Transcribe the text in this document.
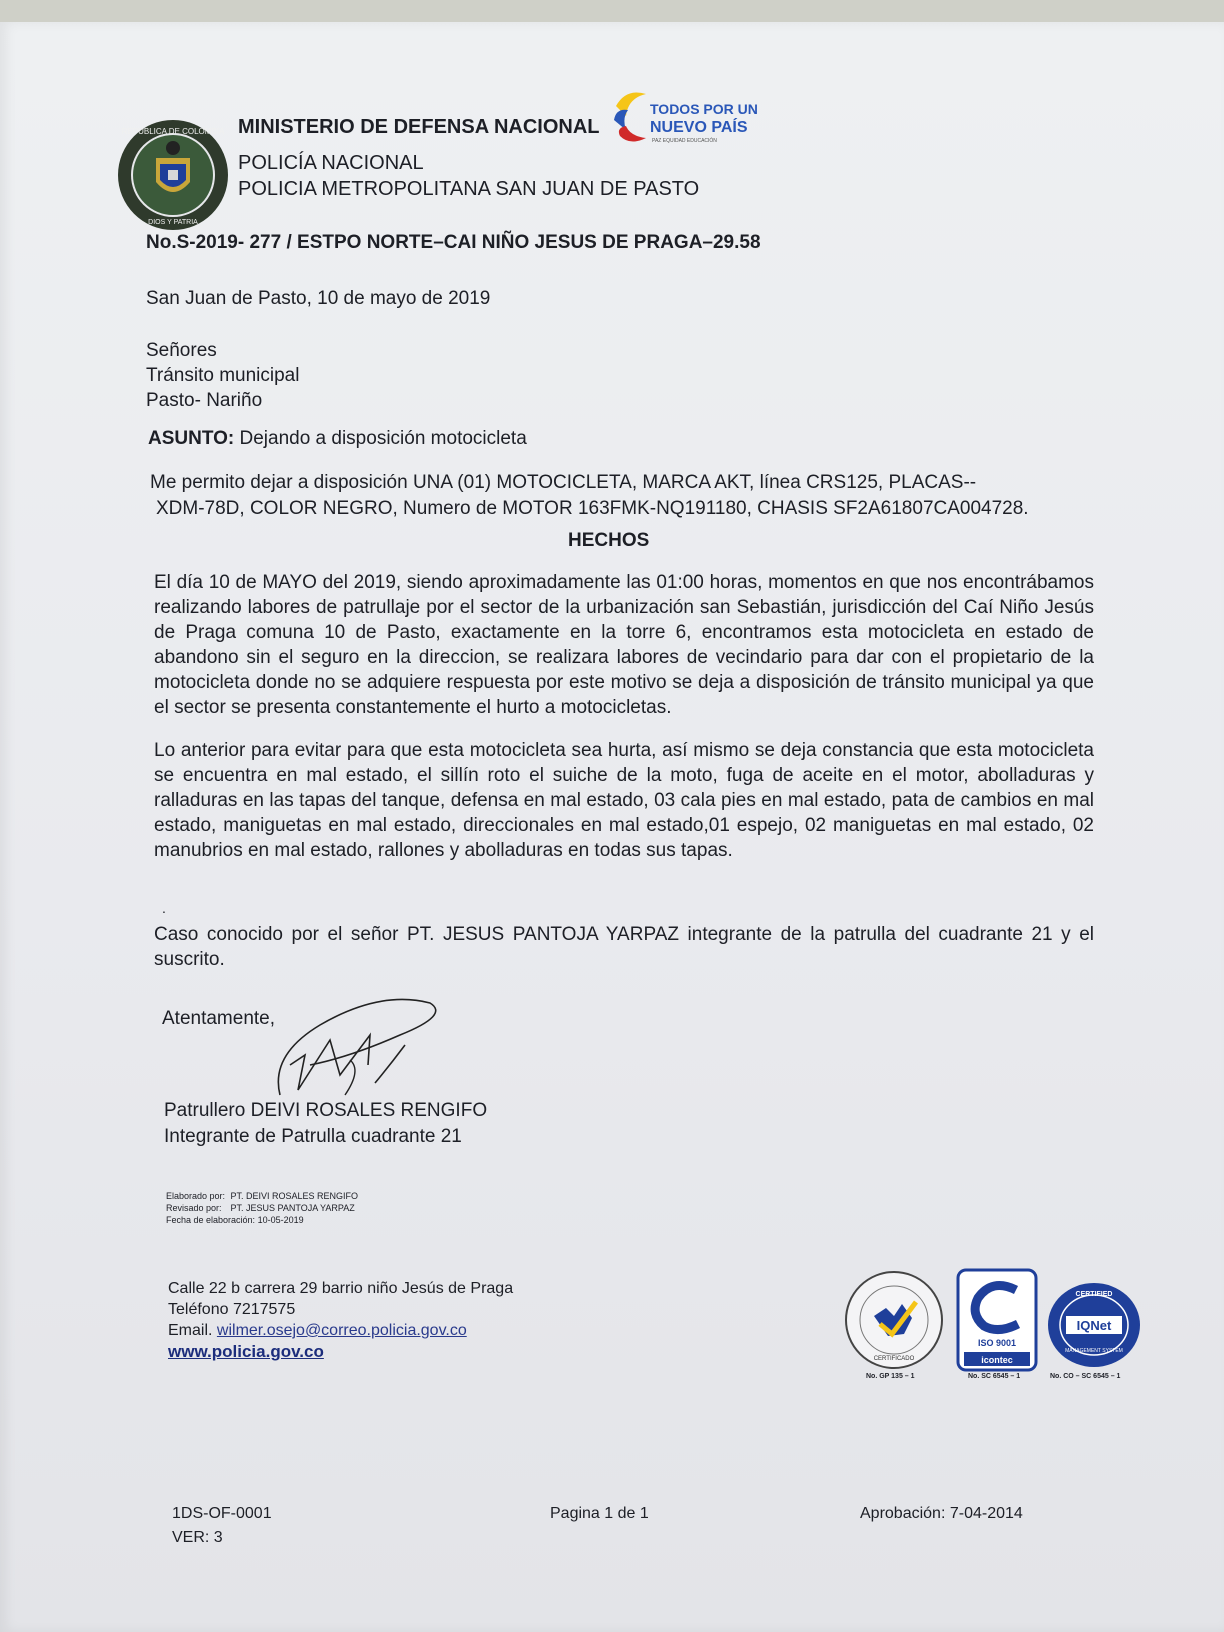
REPUBLICA DE COLOMBIA
DIOS Y PATRIA
TODOS POR UN
NUEVO PAÍS
PAZ EQUIDAD EDUCACIÓN
MINISTERIO DE DEFENSA NACIONAL
POLICÍA NACIONAL
POLICIA METROPOLITANA SAN JUAN DE PASTO
No.S-2019- 277 / ESTPO NORTE–CAI NIÑO JESUS DE PRAGA–29.58
San Juan de Pasto, 10 de mayo de 2019
Señores
Tránsito municipal
Pasto- Nariño
ASUNTO: Dejando a disposición motocicleta
Me permito dejar a disposición UNA (01) MOTOCICLETA, MARCA AKT, línea CRS125, PLACAS--
XDM-78D, COLOR NEGRO, Numero de MOTOR 163FMK-NQ191180, CHASIS SF2A61807CA004728.
HECHOS
El día 10 de MAYO del 2019, siendo aproximadamente las 01:00 horas, momentos en que nos encontrábamos realizando labores de patrullaje por el sector de la urbanización san Sebastián, jurisdicción del Caí Niño Jesús de Praga comuna 10 de Pasto, exactamente en la torre 6, encontramos esta motocicleta en estado de abandono sin el seguro en la direccion, se realizara labores de vecindario para dar con el propietario de la motocicleta donde no se adquiere respuesta por este motivo se deja a disposición de tránsito municipal ya que el sector se presenta constantemente el hurto a motocicletas.
Lo anterior para evitar para que esta motocicleta sea hurta, así mismo se deja constancia que esta motocicleta se encuentra en mal estado, el sillín roto el suiche de la moto, fuga de aceite en el motor, abolladuras y ralladuras en las tapas del tanque, defensa en mal estado, 03 cala pies en mal estado, pata de cambios en mal estado, maniguetas en mal estado, direccionales en mal estado,01 espejo, 02 maniguetas en mal estado, 02 manubrios en mal estado, rallones y abolladuras en todas sus tapas.
.
Caso conocido por el señor PT. JESUS PANTOJA YARPAZ integrante de la patrulla del cuadrante 21 y el suscrito.
Atentamente,
Patrullero DEIVI ROSALES RENGIFO
Integrante de Patrulla cuadrante 21
Elaborado por: PT. DEIVI ROSALES RENGIFO
Revisado por: PT. JESUS PANTOJA YARPAZ
Fecha de elaboración: 10-05-2019
Calle 22 b carrera 29 barrio niño Jesús de Praga
Teléfono 7217575
Email. wilmer.osejo@correo.policia.gov.co
www.policia.gov.co	CERTIFICADO
No. GP 135 – 1
ISO 9001
icontec
No. SC 6545 – 1
IQNet
CERTIFIED
MANAGEMENT SYSTEM
No. CO – SC 6545 – 1
1DS-OF-0001
VER: 3
Pagina 1 de 1	Aprobación: 7-04-2014
